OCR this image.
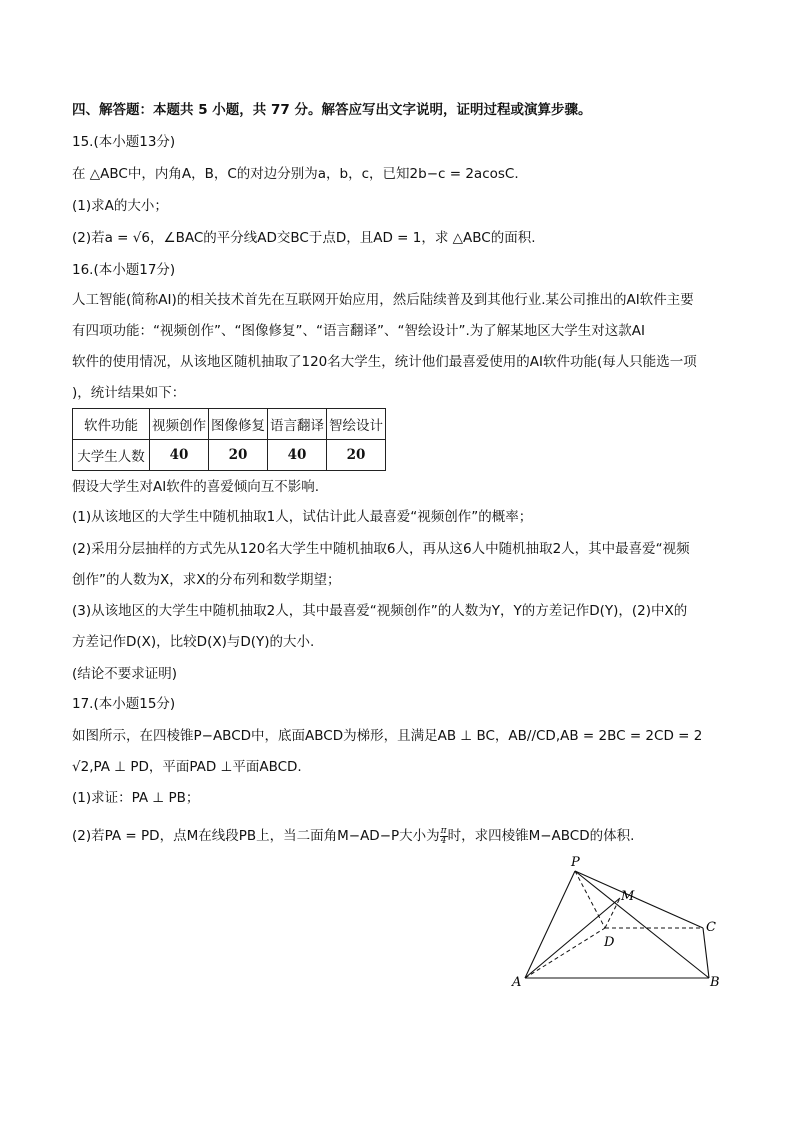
四、解答题：本题共 5 小题，共 77 分。解答应写出文字说明，证明过程或演算步骤。
15.(本小题13分)
在 △ABC中，内角A，B，C的对边分别为a，b，c，已知2b−c = 2acosC.
(1)求A的大小；
(2)若a = √6，∠BAC的平分线AD交BC于点D，且AD = 1，求 △ABC的面积.
16.(本小题17分)
人工智能(简称AI)的相关技术首先在互联网开始应用，然后陆续普及到其他行业.某公司推出的AI软件主要
有四项功能：“视频创作”、“图像修复”、“语言翻译”、“智绘设计”.为了解某地区大学生对这款AI
软件的使用情况，从该地区随机抽取了120名大学生，统计他们最喜爱使用的AI软件功能(每人只能选一项
)，统计结果如下：
软件功能	视频创作	图像修复	语言翻译	智绘设计
大学生人数	40	20	40	20
假设大学生对AI软件的喜爱倾向互不影响.
(1)从该地区的大学生中随机抽取1人，试估计此人最喜爱“视频创作”的概率；
(2)采用分层抽样的方式先从120名大学生中随机抽取6人，再从这6人中随机抽取2人，其中最喜爱“视频
创作”的人数为X，求X的分布列和数学期望；
(3)从该地区的大学生中随机抽取2人，其中最喜爱“视频创作”的人数为Y，Y的方差记作D(Y)，(2)中X的
方差记作D(X)，比较D(X)与D(Y)的大小.
(结论不要求证明)
17.(本小题15分)
如图所示，在四棱锥P−ABCD中，底面ABCD为梯形，且满足AB ⊥ BC，AB//CD,AB = 2BC = 2CD = 2
√2,PA ⊥ PD，平面PAD ⊥平面ABCD.
(1)求证：PA ⊥ PB；
(2)若PA = PD，点M在线段PB上，当二面角M−AD−P大小为 $\frac{\pi}{4}$ 时，求四棱锥M−ABCD的体积.
P
M
C
D
A	B
